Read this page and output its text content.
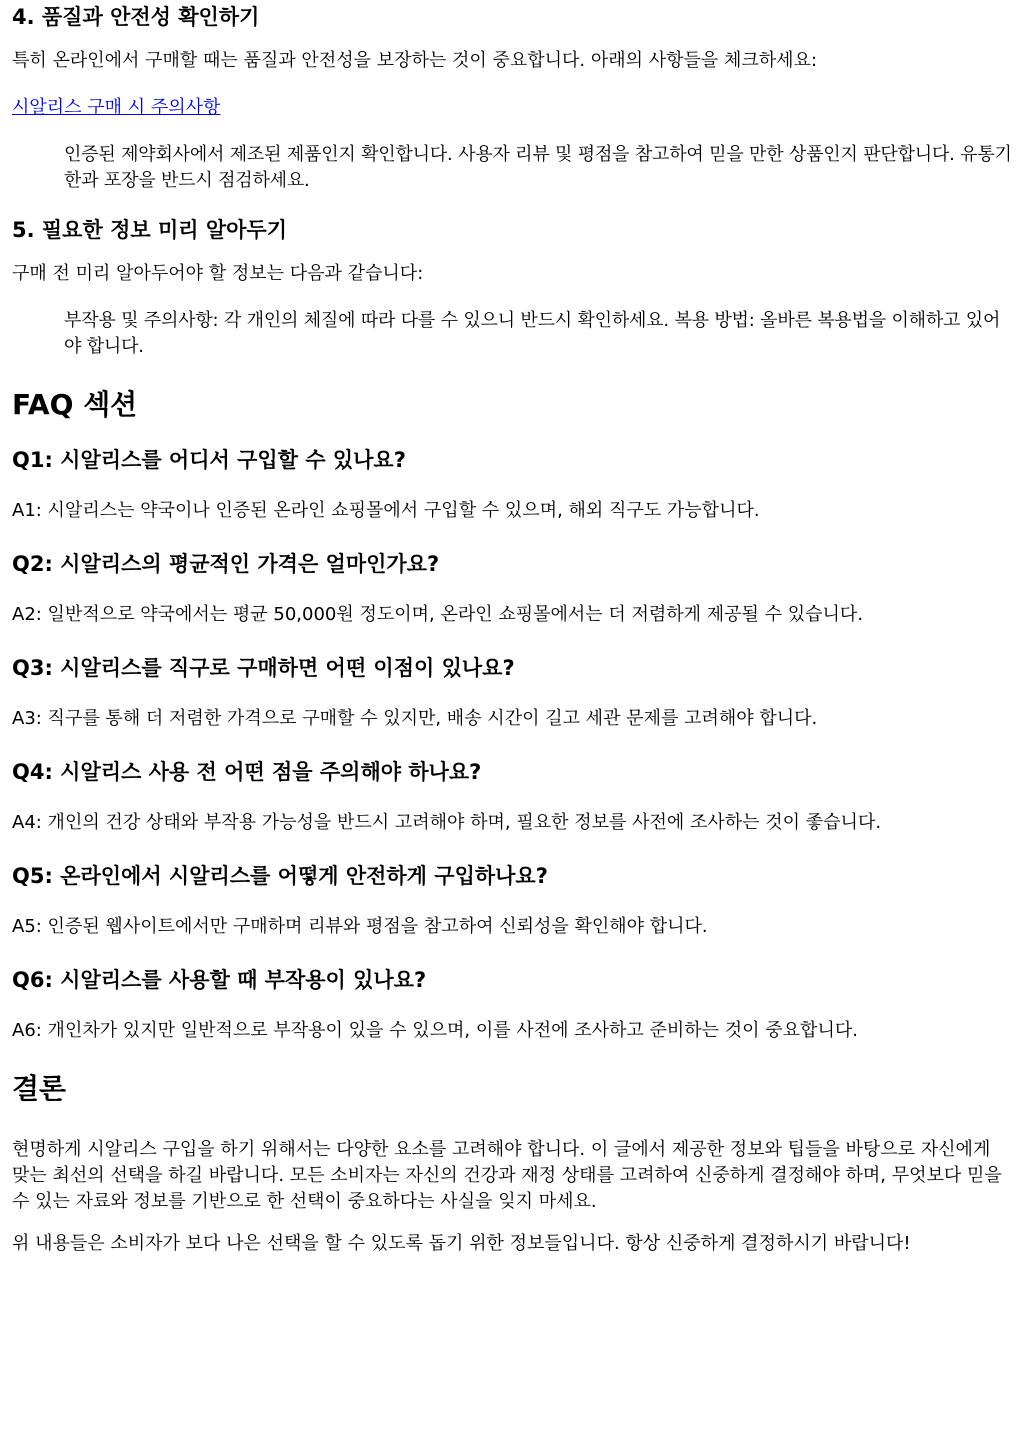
4. 품질과 안전성 확인하기

특히 온라인에서 구매할 때는 품질과 안전성을 보장하는 것이 중요합니다. 아래의 사항들을 체크하세요:

시알리스 구매 시 주의사항
인증된 제약회사에서 제조된 제품인지 확인합니다. 사용자 리뷰 및 평점을 참고하여 믿을 만한 상품인지 판단합니다. 유통기한과 포장을 반드시 점검하세요.
5. 필요한 정보 미리 알아두기

구매 전 미리 알아두어야 할 정보는 다음과 같습니다:

부작용 및 주의사항: 각 개인의 체질에 따라 다를 수 있으니 반드시 확인하세요. 복용 방법: 올바른 복용법을 이해하고 있어야 합니다.
FAQ 섹션
Q1: 시알리스를 어디서 구입할 수 있나요?

A1: 시알리스는 약국이나 인증된 온라인 쇼핑몰에서 구입할 수 있으며, 해외 직구도 가능합니다.

Q2: 시알리스의 평균적인 가격은 얼마인가요?

A2: 일반적으로 약국에서는 평균 50,000원 정도이며, 온라인 쇼핑몰에서는 더 저렴하게 제공될 수 있습니다.

Q3: 시알리스를 직구로 구매하면 어떤 이점이 있나요?

A3: 직구를 통해 더 저렴한 가격으로 구매할 수 있지만, 배송 시간이 길고 세관 문제를 고려해야 합니다.

Q4: 시알리스 사용 전 어떤 점을 주의해야 하나요?

A4: 개인의 건강 상태와 부작용 가능성을 반드시 고려해야 하며, 필요한 정보를 사전에 조사하는 것이 좋습니다.

Q5: 온라인에서 시알리스를 어떻게 안전하게 구입하나요?

A5: 인증된 웹사이트에서만 구매하며 리뷰와 평점을 참고하여 신뢰성을 확인해야 합니다.

Q6: 시알리스를 사용할 때 부작용이 있나요?

A6: 개인차가 있지만 일반적으로 부작용이 있을 수 있으며, 이를 사전에 조사하고 준비하는 것이 중요합니다.

결론

현명하게 시알리스 구입을 하기 위해서는 다양한 요소를 고려해야 합니다. 이 글에서 제공한 정보와 팁들을 바탕으로 자신에게 맞는 최선의 선택을 하길 바랍니다. 모든 소비자는 자신의 건강과 재정 상태를 고려하여 신중하게 결정해야 하며, 무엇보다 믿을 수 있는 자료와 정보를 기반으로 한 선택이 중요하다는 사실을 잊지 마세요.

위 내용들은 소비자가 보다 나은 선택을 할 수 있도록 돕기 위한 정보들입니다. 항상 신중하게 결정하시기 바랍니다!
